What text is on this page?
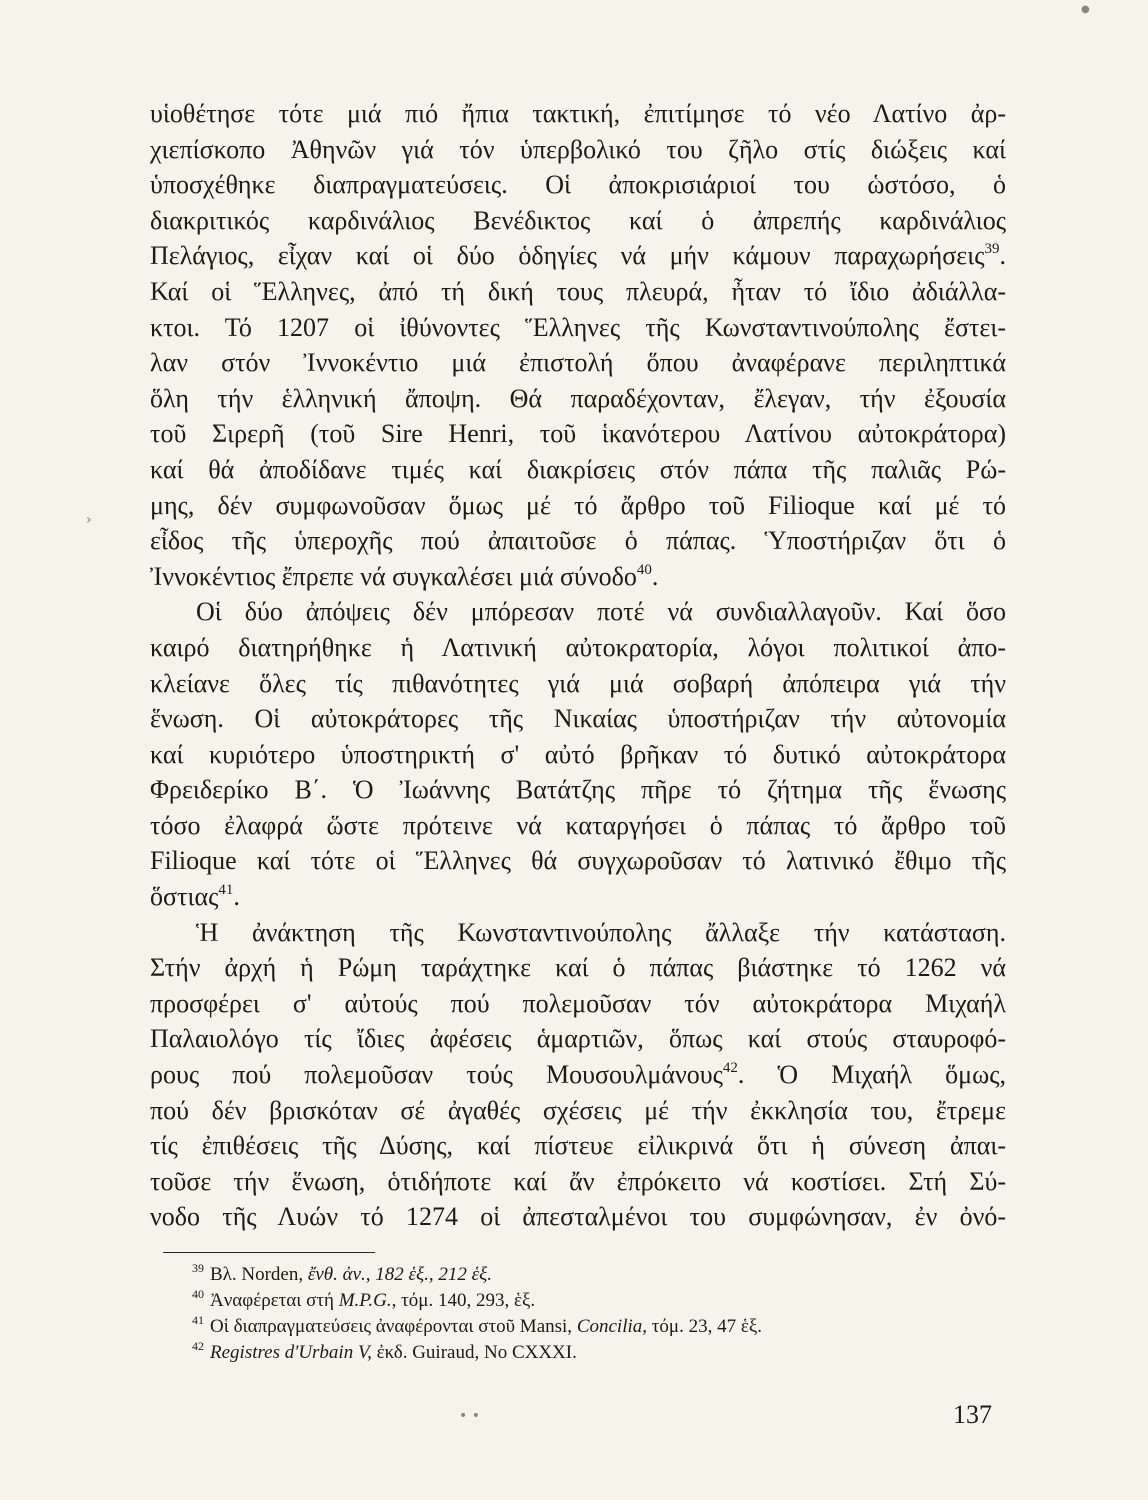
υἱοθέτησε τότε μιά πιό ἤπια τακτική, ἐπιτίμησε τό νέο Λατίνο ἀρ-
χιεπίσκοπο Ἀθηνῶν γιά τόν ὑπερβολικό του ζῆλο στίς διώξεις καί
ὑποσχέθηκε διαπραγματεύσεις. Οἱ ἀποκρισιάριοί του ὡστόσο, ὁ
διακριτικός καρδινάλιος Βενέδικτος καί ὁ ἀπρεπής καρδινάλιος
Πελάγιος, εἶχαν καί οἱ δύο ὁδηγίες νά μήν κάμουν παραχωρήσεις$^{39}$.
Καί οἱ Ἕλληνες, ἀπό τή δική τους πλευρά, ἦταν τό ἴδιο ἀδιάλλα-
κτοι. Τό 1207 οἱ ἰθύνοντες Ἕλληνες τῆς Κωνσταντινούπολης ἔστει-
λαν στόν Ἰννοκέντιο μιά ἐπιστολή ὅπου ἀναφέρανε περιληπτικά
ὅλη τήν ἑλληνική ἄποψη. Θά παραδέχονταν, ἔλεγαν, τήν ἐξουσία
τοῦ Σιρερῆ (τοῦ Sire Henri, τοῦ ἱκανότερου Λατίνου αὐτοκράτορα)
καί θά ἀποδίδανε τιμές καί διακρίσεις στόν πάπα τῆς παλιᾶς Ρώ-
μης, δέν συμφωνοῦσαν ὅμως μέ τό ἄρθρο τοῦ Filioque καί μέ τό
εἶδος τῆς ὑπεροχῆς πού ἀπαιτοῦσε ὁ πάπας. Ὑποστήριζαν ὅτι ὁ
Ἰννοκέντιος ἔπρεπε νά συγκαλέσει μιά σύνοδο$^{40}$.

Οἱ δύο ἀπόψεις δέν μπόρεσαν ποτέ νά συνδιαλλαγοῦν. Καί ὅσο
καιρό διατηρήθηκε ἡ Λατινική αὐτοκρατορία, λόγοι πολιτικοί ἀπο-
κλείανε ὅλες τίς πιθανότητες γιά μιά σοβαρή ἀπόπειρα γιά τήν
ἕνωση. Οἱ αὐτοκράτορες τῆς Νικαίας ὑποστήριζαν τήν αὐτονομία
καί κυριότερο ὑποστηρικτή σ' αὐτό βρῆκαν τό δυτικό αὐτοκράτορα
Φρειδερίκο Β΄. Ὁ Ἰωάννης Βατάτζης πῆρε τό ζήτημα τῆς ἕνωσης
τόσο ἐλαφρά ὥστε πρότεινε νά καταργήσει ὁ πάπας τό ἄρθρο τοῦ
Filioque καί τότε οἱ Ἕλληνες θά συγχωροῦσαν τό λατινικό ἔθιμο τῆς
ὅστιας$^{41}$.

Ἡ ἀνάκτηση τῆς Κωνσταντινούπολης ἄλλαξε τήν κατάσταση.
Στήν ἀρχή ἡ Ρώμη ταράχτηκε καί ὁ πάπας βιάστηκε τό 1262 νά
προσφέρει σ' αὐτούς πού πολεμοῦσαν τόν αὐτοκράτορα Μιχαήλ
Παλαιολόγο τίς ἴδιες ἀφέσεις ἁμαρτιῶν, ὅπως καί στούς σταυροφό-
ρους πού πολεμοῦσαν τούς Μουσουλμάνους$^{42}$. Ὁ Μιχαήλ ὅμως,
πού δέν βρισκόταν σέ ἀγαθές σχέσεις μέ τήν ἐκκλησία του, ἔτρεμε
τίς ἐπιθέσεις τῆς Δύσης, καί πίστευε εἰλικρινά ὅτι ἡ σύνεση ἀπαι-
τοῦσε τήν ἕνωση, ὁτιδήποτε καί ἄν ἐπρόκειτο νά κοστίσει. Στή Σύ-
νοδο τῆς Λυών τό 1274 οἱ ἀπεσταλμένοι του συμφώνησαν, ἐν ὀνό-

$^{39}$ Βλ. Norden, ἔνθ. ἀν., 182 ἑξ., 212 ἑξ.
$^{40}$ Ἀναφέρεται στή M.P.G., τόμ. 140, 293, ἑξ.
$^{41}$ Οἱ διαπραγματεύσεις ἀναφέρονται στοῦ Mansi, Concilia, τόμ. 23, 47 ἑξ.
$^{42}$ Registres d'Urbain V, ἐκδ. Guiraud, No CXXXI.
137
›
• •
●
